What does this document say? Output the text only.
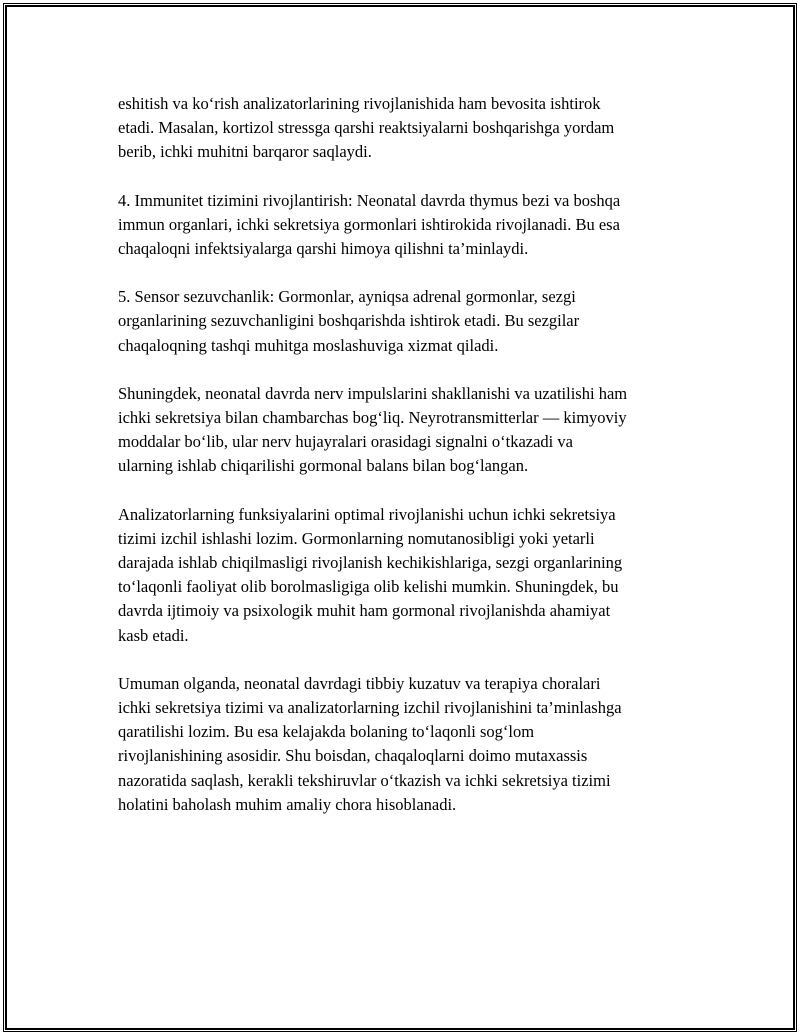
eshitish va ko‘rish analizatorlarining rivojlanishida ham bevosita ishtirok
etadi. Masalan, kortizol stressga qarshi reaktsiyalarni boshqarishga yordam
berib, ichki muhitni barqaror saqlaydi.

4. Immunitet tizimini rivojlantirish: Neonatal davrda thymus bezi va boshqa
immun organlari, ichki sekretsiya gormonlari ishtirokida rivojlanadi. Bu esa
chaqaloqni infektsiyalarga qarshi himoya qilishni ta’minlaydi.

5. Sensor sezuvchanlik: Gormonlar, ayniqsa adrenal gormonlar, sezgi
organlarining sezuvchanligini boshqarishda ishtirok etadi. Bu sezgilar
chaqaloqning tashqi muhitga moslashuviga xizmat qiladi.

Shuningdek, neonatal davrda nerv impulslarini shakllanishi va uzatilishi ham
ichki sekretsiya bilan chambarchas bog‘liq. Neyrotransmitterlar — kimyoviy
moddalar bo‘lib, ular nerv hujayralari orasidagi signalni o‘tkazadi va
ularning ishlab chiqarilishi gormonal balans bilan bog‘langan.

Analizatorlarning funksiyalarini optimal rivojlanishi uchun ichki sekretsiya
tizimi izchil ishlashi lozim. Gormonlarning nomutanosibligi yoki yetarli
darajada ishlab chiqilmasligi rivojlanish kechikishlariga, sezgi organlarining
to‘laqonli faoliyat olib borolmasligiga olib kelishi mumkin. Shuningdek, bu
davrda ijtimoiy va psixologik muhit ham gormonal rivojlanishda ahamiyat
kasb etadi.

Umuman olganda, neonatal davrdagi tibbiy kuzatuv va terapiya choralari
ichki sekretsiya tizimi va analizatorlarning izchil rivojlanishini ta’minlashga
qaratilishi lozim. Bu esa kelajakda bolaning to‘laqonli sog‘lom
rivojlanishining asosidir. Shu boisdan, chaqaloqlarni doimo mutaxassis
nazoratida saqlash, kerakli tekshiruvlar o‘tkazish va ichki sekretsiya tizimi
holatini baholash muhim amaliy chora hisoblanadi.
